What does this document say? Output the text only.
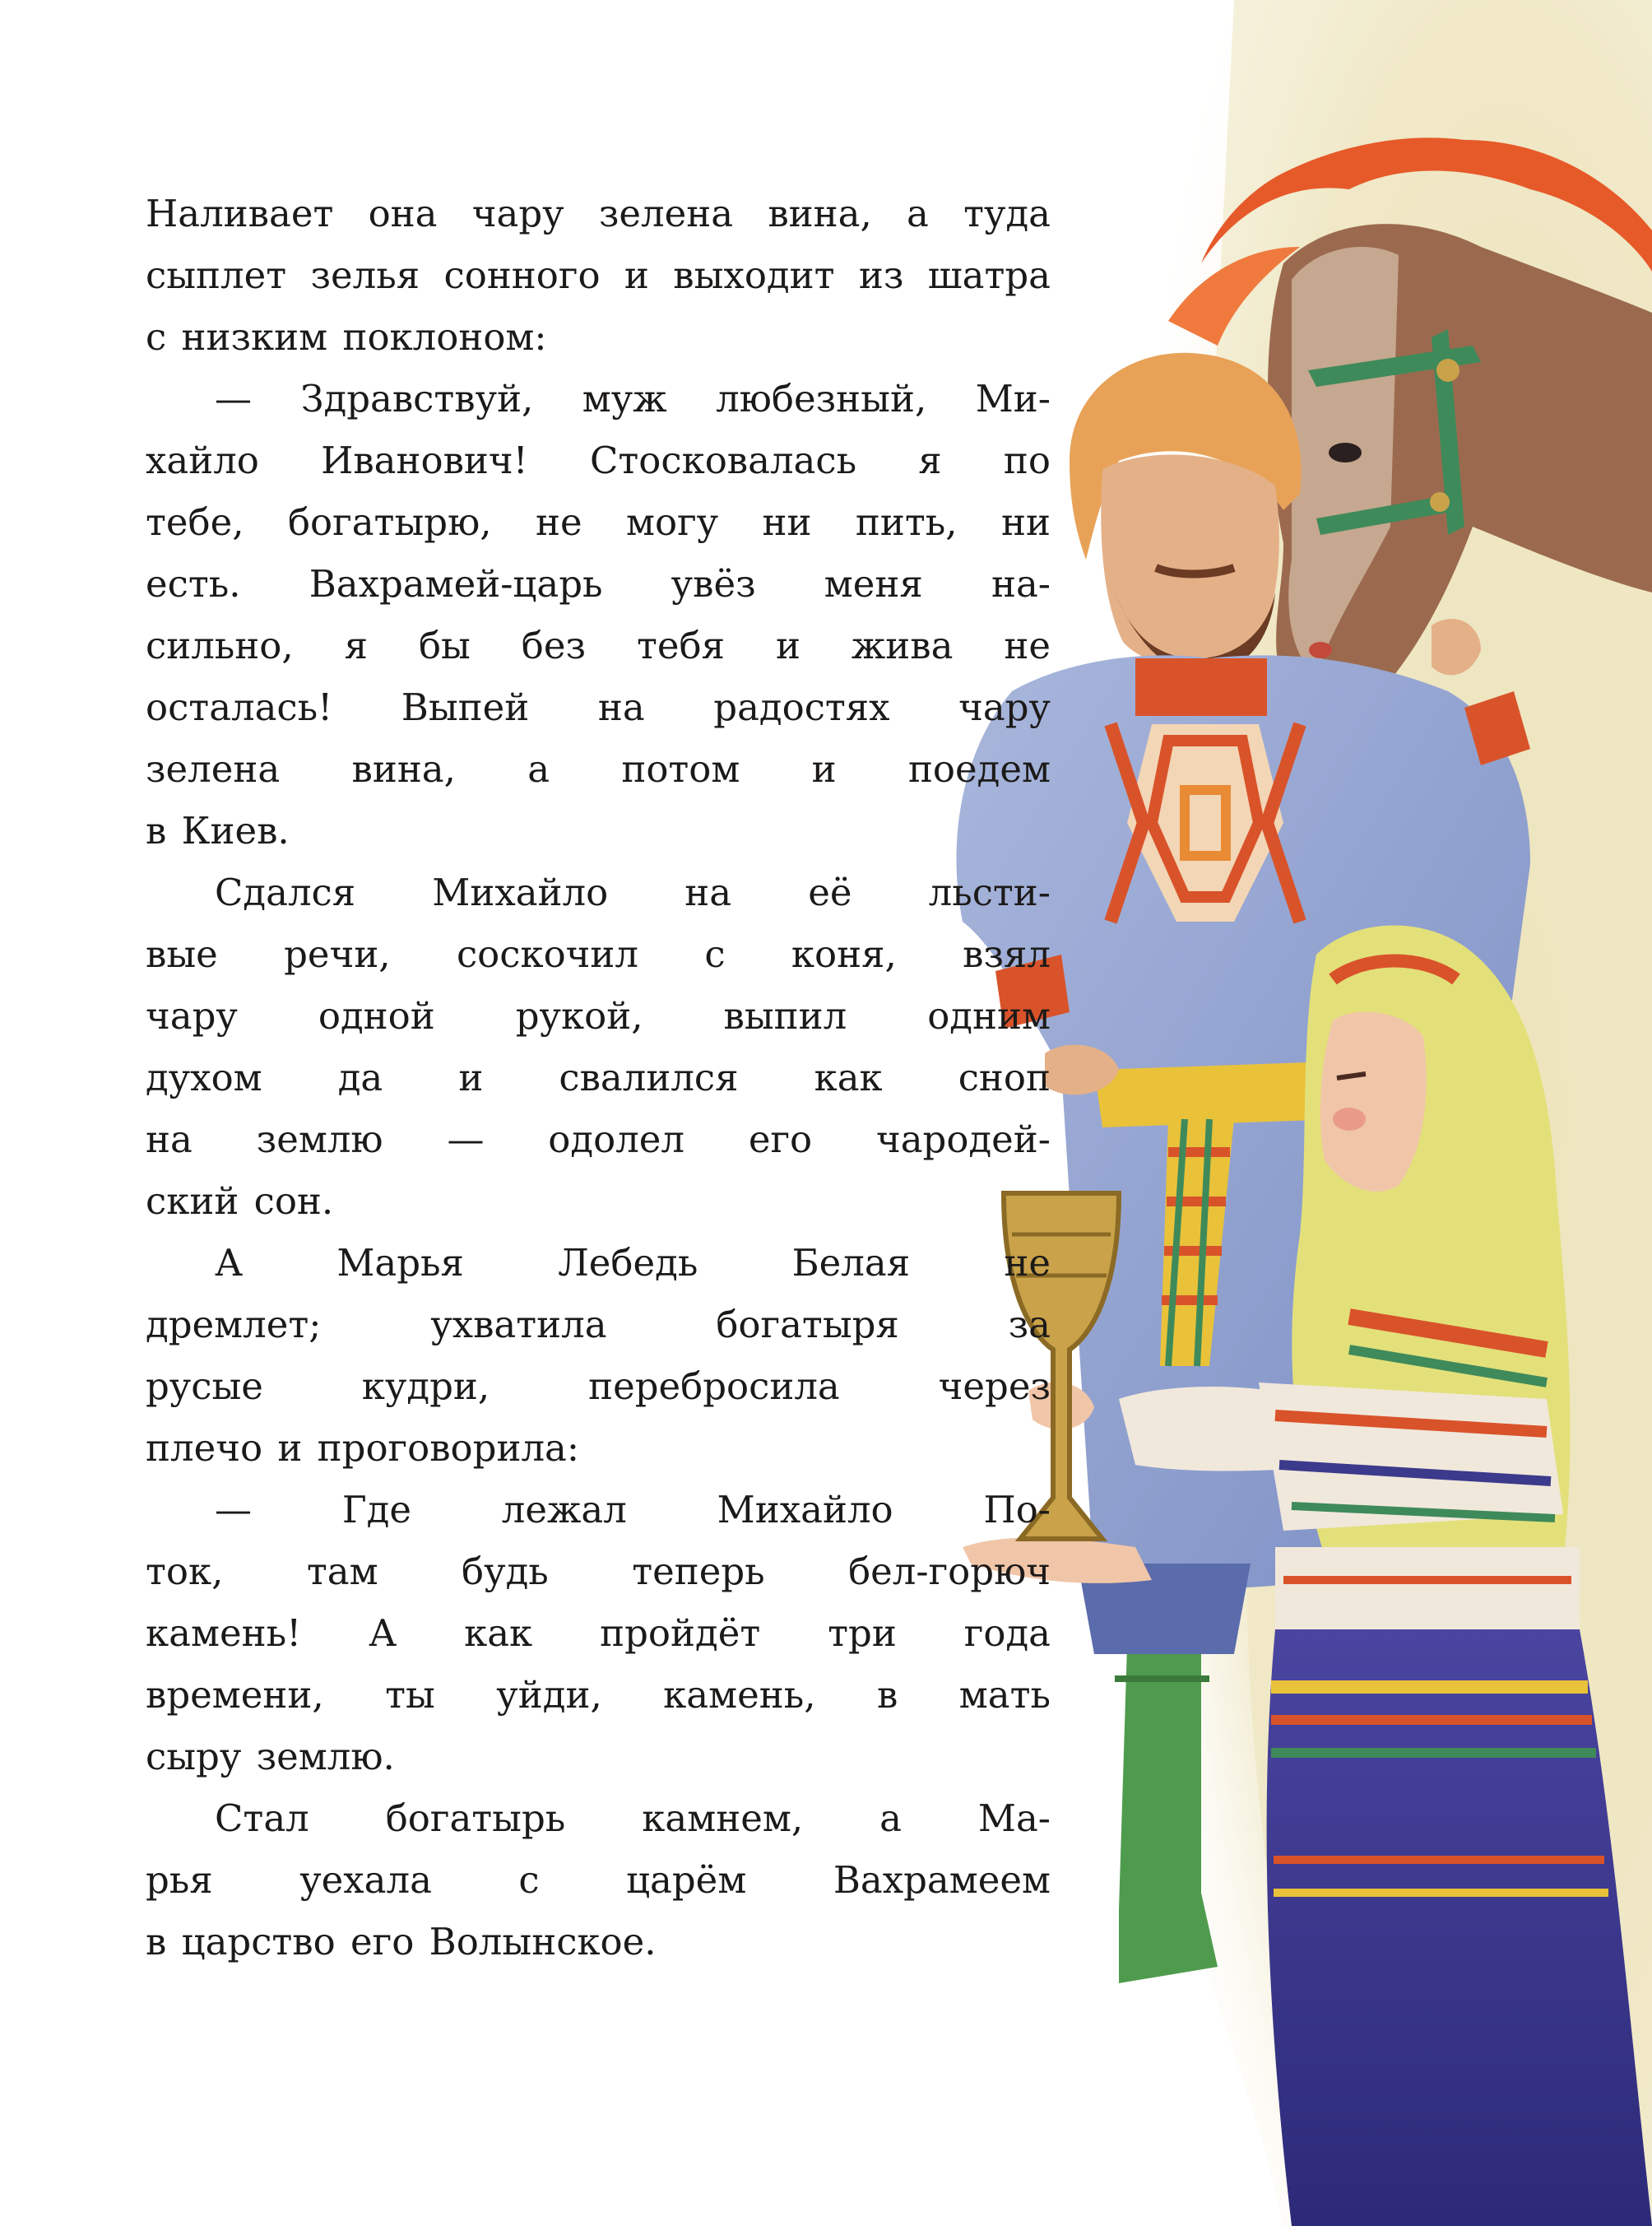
Наливает она чару зелена вина, а туда
сыплет зелья сонного и выходит из шатра
с низким поклоном:
— Здравствуй, муж любезный, Ми-
хайло Иванович! Стосковалась я по
тебе, богатырю, не могу ни пить, ни
есть. Вахрамей-царь увёз меня на-
сильно, я бы без тебя и жива не
осталась! Выпей на радостях чару
зелена вина, а потом и поедем
в Киев.
Сдался Михайло на её льсти-
вые речи, соскочил с коня, взял
чару одной рукой, выпил одним
духом да и свалился как сноп
на землю — одолел его чародей-
ский сон.
А Марья Лебедь Белая не
дремлет; ухватила богатыря за
русые кудри, перебросила через
плечо и проговорила:
— Где лежал Михайло По-
ток, там будь теперь бел-горюч
камень! А как пройдёт три года
времени, ты уйди, камень, в мать
сыру землю.
Стал богатырь камнем, а Ма-
рья уехала с царём Вахрамеем
в царство его Волынское.
